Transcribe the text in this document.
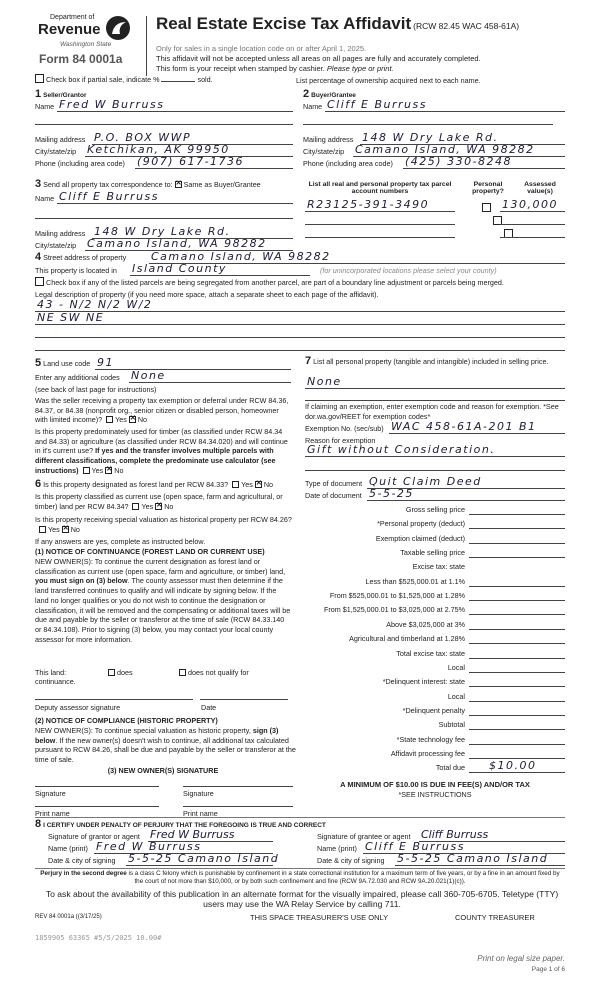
Department of
Revenue
Washington State
Form 84 0001a
Real Estate Excise Tax Affidavit (RCW 82.45 WAC 458-61A)
Only for sales in a single location code on or after April 1, 2025.
This affidavit will not be accepted unless all areas on all pages are fully and accurately completed.
This form is your receipt when stamped by cashier. Please type or print.
Check box if partial sale, indicate %	sold.	List percentage of ownership acquired next to each name.
1 Seller/Grantor
Name Fred W Burruss
Mailing address P.O. BOX WWP
City/state/zip Ketchikan, AK 99950
Phone (including area code) (907) 617-1736
2 Buyer/Grantee
Name Cliff E Burruss
Mailing address 148 W Dry Lake Rd.
City/state/zip Camano Island, WA 98282
Phone (including area code) (425) 330-8248
3 Send all property tax correspondence to: ✕ Same as Buyer/Grantee
Name Cliff E Burruss
Mailing address 148 W Dry Lake Rd.
City/state/zip Camano Island, WA 98282
List all real and personal property tax parcel account numbers
Personal property?
Assessed value(s)
R23125-391-3490	130,000
4 Street address of property Camano Island, WA 98282
This property is located in Island County	(for unincorporated locations please select your county)
Check box if any of the listed parcels are being segregated from another parcel, are part of a boundary line adjustment or parcels being merged.
Legal description of property (if you need more space, attach a separate sheet to each page of the affidavit).
43 - N/2 N/2 W/2
NE SW NE
5 Land use code 91
Enter any additional codes None
(see back of last page for instructions)
Was the seller receiving a property tax exemption or deferral under RCW 84.36, 84.37, or 84.38 (nonprofit org., senior citizen or disabled person, homeowner with limited income)? Yes ✕ No
Is this property predominately used for timber (as classified under RCW 84.34 and 84.33) or agriculture (as classified under RCW 84.34.020) and will continue in it's current use? If yes and the transfer involves multiple parcels with different classifications, complete the predominate use calculator (see instructions) Yes ✕ No
6 Is this property designated as forest land per RCW 84.33? Yes ✕ No
Is this property classified as current use (open space, farm and agricultural, or timber) land per RCW 84.34? Yes ✕ No
Is this property receiving special valuation as historical property per RCW 84.26?Yes ✕ No
If any answers are yes, complete as instructed below.
(1) NOTICE OF CONTINUANCE (FOREST LAND OR CURRENT USE)
NEW OWNER(S): To continue the current designation as forest land or classification as current use (open space, farm and agriculture, or timber) land, you must sign on (3) below. The county assessor must then determine if the land transferred continues to qualify and will indicate by signing below. If the land no longer qualifies or you do not wish to continue the designation or classification, it will be removed and the compensating or additional taxes will be due and payable by the seller or transferor at the time of sale (RCW 84.33.140 or 84.34.108). Prior to signing (3) below, you may contact your local county assessor for more information.
This land:	does	does not qualify for
continuance.
Deputy assessor signature	Date
(2) NOTICE OF COMPLIANCE (HISTORIC PROPERTY)
NEW OWNER(S): To continue special valuation as historic property, sign (3) below. If the new owner(s) doesn't wish to continue, all additional tax calculated pursuant to RCW 84.26, shall be due and payable by the seller or transferor at the time of sale.
(3) NEW OWNER(S) SIGNATURE
Signature	Signature
Print name	Print name
7 List all personal property (tangible and intangible) included in selling price.
None
If claiming an exemption, enter exemption code and reason for exemption. *See dor.wa.gov/REET for exemption codes*
Exemption No. (sec/sub) WAC 458-61A-201 B1
Reason for exemption
Gift without Consideration.
Type of document Quit Claim Deed
Date of document 5-5-25
Gross selling price
*Personal property (deduct)
Exemption claimed (deduct)
Taxable selling price
Excise tax: state
Less than $525,000.01 at 1.1%
From $525,000.01 to $1,525,000 at 1.28%
From $1,525,000.01 to $3,025,000 at 2.75%
Above $3,025,000 at 3%
Agricultural and timberland at 1.28%
Total excise tax: state
Local
*Delinquent interest: state
Local
*Delinquent penalty
Subtotal
*State technology fee
Affidavit processing fee
Total due $10.00
A MINIMUM OF $10.00 IS DUE IN FEE(S) AND/OR TAX
*SEE INSTRUCTIONS
8 I CERTIFY UNDER PENALTY OF PERJURY THAT THE FOREGOING IS TRUE AND CORRECT
Signature of grantor or agent Fred W Burruss
Name (print) Fred W Burruss
Date & city of signing 5-5-25 Camano Island
Signature of grantee or agent Cliff Burruss
Name (print) Cliff E Burruss
Date & city of signing 5-5-25 Camano Island
Perjury in the second degree is a class C felony which is punishable by confinement in a state correctional institution for a maximum term of five years, or by a fine in an amount fixed by the court of not more than $10,000, or by both such confinement and fine (RCW 9A.72.030 and RCW 9A.20.021(1)(c)).
To ask about the availability of this publication in an alternate format for the visually impaired, please call 360-705-6705. Teletype (TTY) users may use the WA Relay Service by calling 711.
REV 84 0001a ((3/17/25)	THIS SPACE TREASURER'S USE ONLY	COUNTY TREASURER
1859905 63365 #5/5/2025 10.00#
Print on legal size paper.
Page 1 of 6
